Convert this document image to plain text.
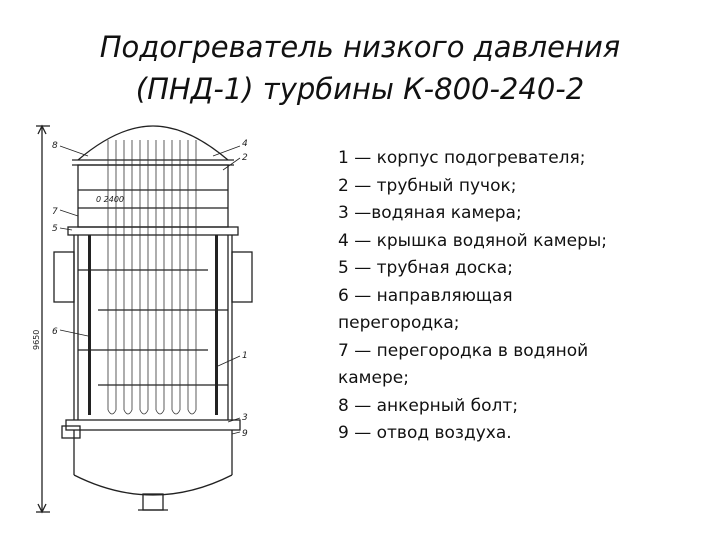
Подогреватель низкого давления
(ПНД-1) турбины К-800-240-2
4
2
7
5
6
8
1
3
9
9650
0 2400
1 — корпус подогревателя;
2 — трубный пучок;
3 —водяная камера;
4 — крышка водяной камеры;
5 — трубная доска;
6 — направляющая
перегородка;
7 — перегородка в водяной
камере;
8 — анкерный болт;
9 — отвод воздуха.
